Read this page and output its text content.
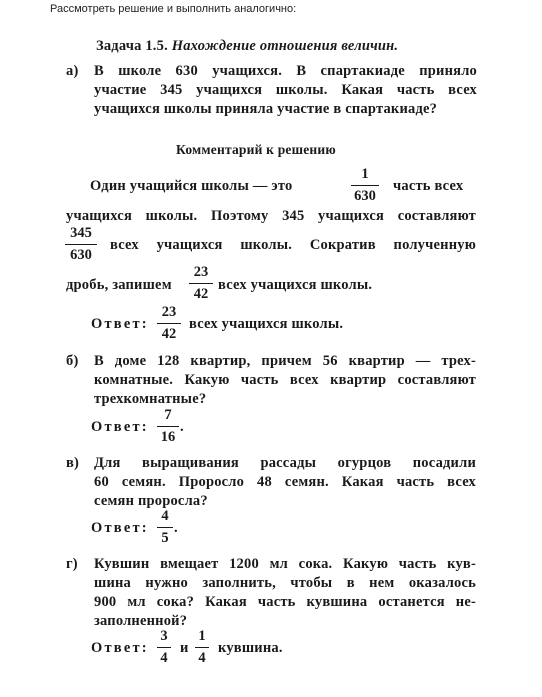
Рассмотреть решение и выполнить аналогично:
Задача 1.5. Нахождение отношения величин.
а) В школе 630 учащихся. В спартакиаде приняло
участие 345 учащихся школы. Какая часть всех
учащихся школы приняла участие в спартакиаде?
Комментарий к решению
Один учащийся школы — это
1
630
часть всех
учащихся школы. Поэтому 345 учащихся составляют
345
630
всех учащихся школы. Сократив полученную
дробь, запишем
23
42
всех учащихся школы.
Ответ:
23
42
всех учащихся школы.
б) В доме 128 квартир, причем 56 квартир — трех-
комнатные. Какую часть всех квартир составляют
трехкомнатные?
Ответ:
7
16
.
в) Для выращивания рассады огурцов посадили
60 семян. Проросло 48 семян. Какая часть всех
семян проросла?
Ответ:
4
5
.
г) Кувшин вмещает 1200 мл сока. Какую часть кув-
шина нужно заполнить, чтобы в нем оказалось
900 мл сока? Какая часть кувшина останется не-
заполненной?
Ответ:
3
4
и
1
4
кувшина.
